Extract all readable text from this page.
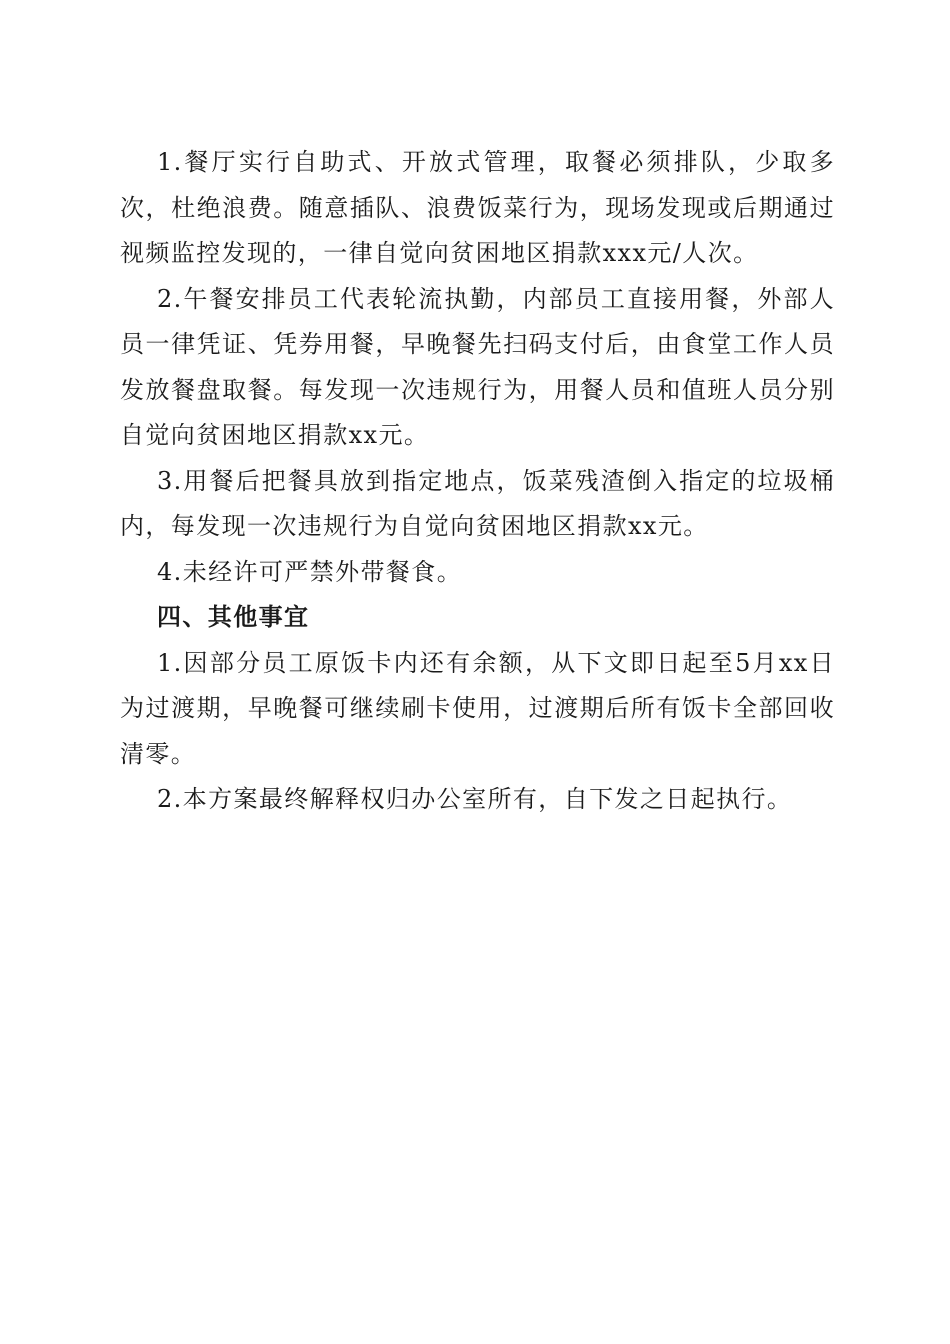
1.餐厅实行自助式、开放式管理，取餐必须排队，少取多次，杜绝浪费。随意插队、浪费饭菜行为，现场发现或后期通过视频监控发现的，一律自觉向贫困地区捐款xxx元/人次。

2.午餐安排员工代表轮流执勤，内部员工直接用餐，外部人员一律凭证、凭券用餐，早晚餐先扫码支付后，由食堂工作人员发放餐盘取餐。每发现一次违规行为，用餐人员和值班人员分别自觉向贫困地区捐款xx元。

3.用餐后把餐具放到指定地点，饭菜残渣倒入指定的垃圾桶内，每发现一次违规行为自觉向贫困地区捐款xx元。

4.未经许可严禁外带餐食。

四、其他事宜

1.因部分员工原饭卡内还有余额，从下文即日起至5月xx日为过渡期，早晚餐可继续刷卡使用，过渡期后所有饭卡全部回收清零。

2.本方案最终解释权归办公室所有，自下发之日起执行。
